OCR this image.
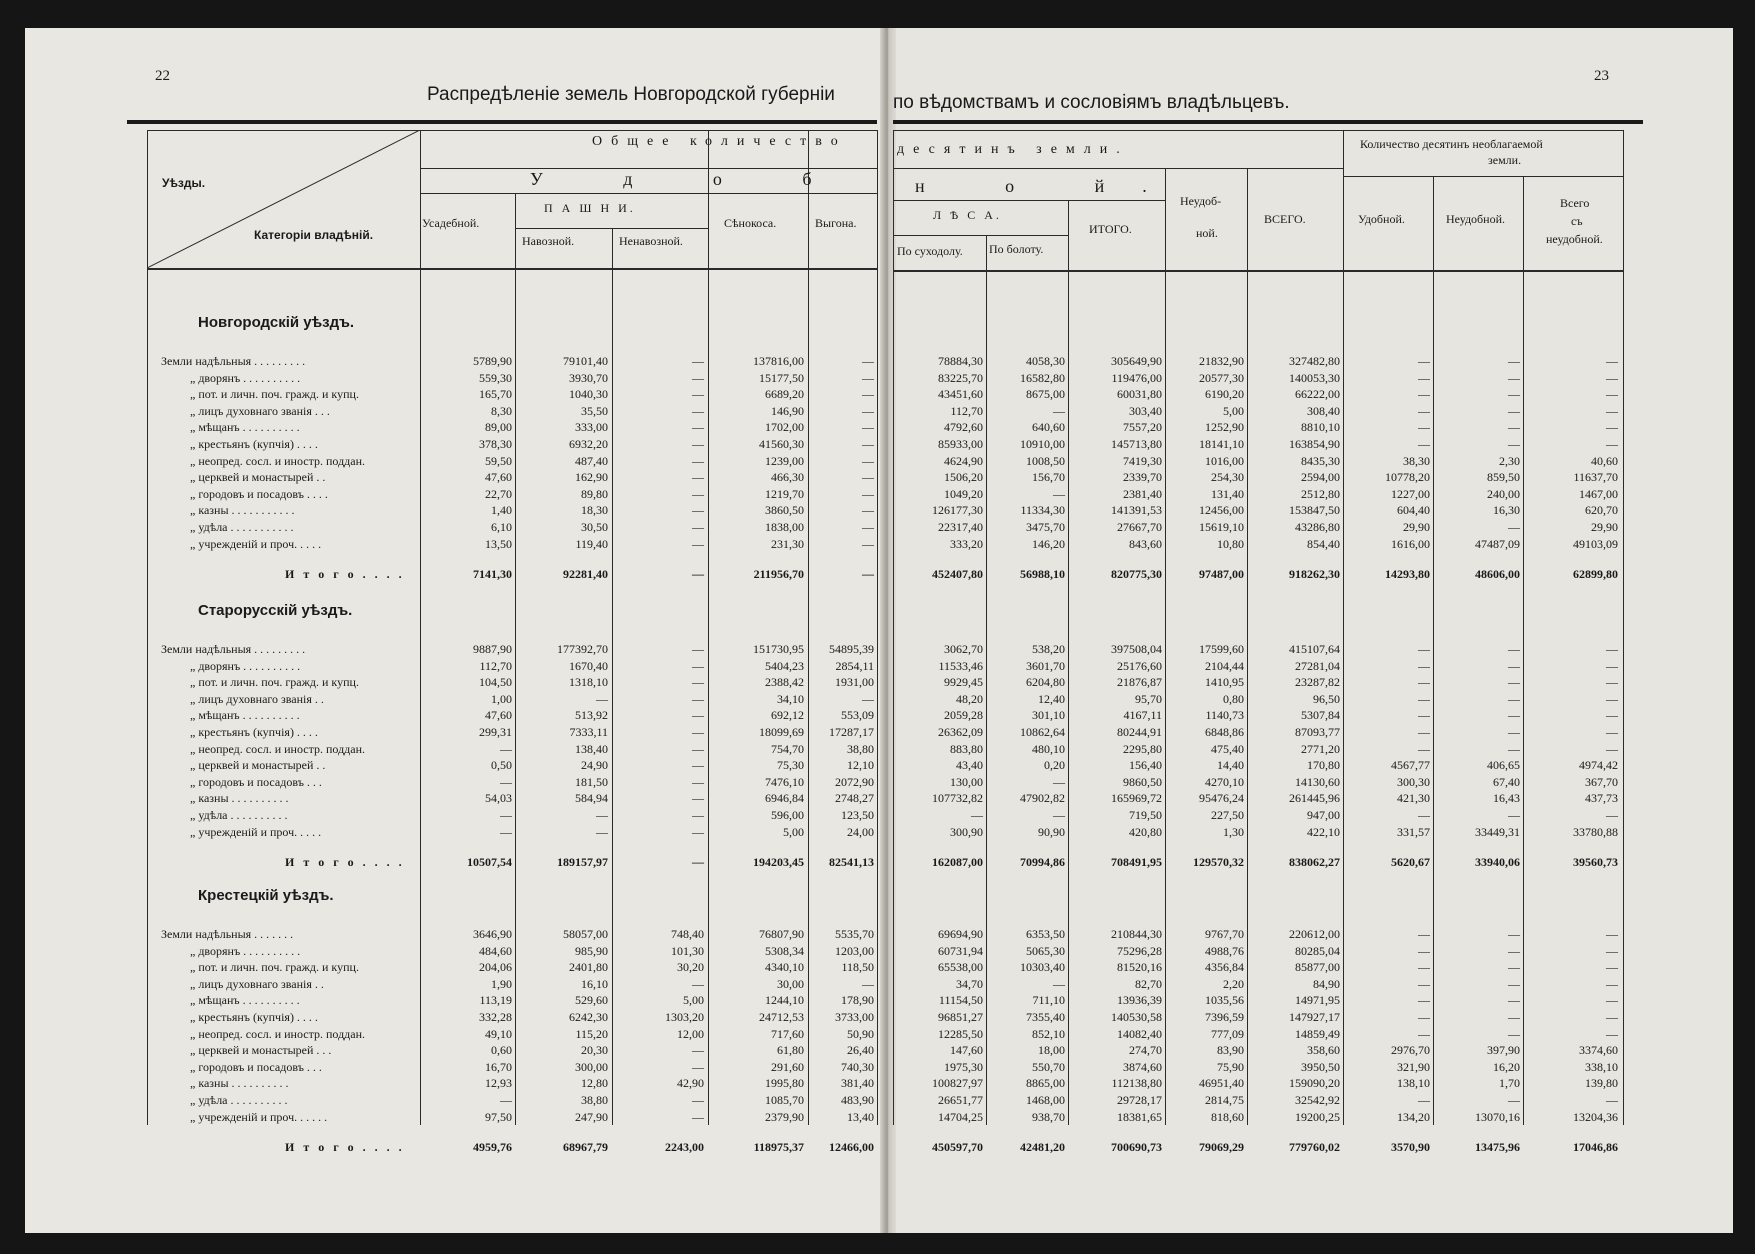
22	23
Распредѣленіе земель Новгородской губерніи	по вѣдомствамъ и сословіямъ владѣльцевъ.
Уѣзды.
Категоріи владѣній.
Общее количество
десятинъ земли.
У д о б	н о й.
Усадебной.
П А Ш Н И.
Навозной.	Ненавозной.
Сѣнокоса.	Выгона.
Л Ѣ С А.
По суходолу. По болоту.
ИТОГО.
Неудоб-
ной.
ВСЕГО.
Количество десятинъ необлагаемой
земли.
Удобной.	Неудобной.
Всего
съ
неудобной.
Новгородскій уѣздъ.
Земли надѣльныя . . . . . . . . .	5789,90	79101,40	—	137816,00	—	78884,30	4058,30	305649,90	21832,90	327482,80	—	—	—
„ дворянъ . . . . . . . . . .	559,30	3930,70	—	15177,50	—	83225,70	16582,80	119476,00	20577,30	140053,30	—	—	—
„ пот. и личн. поч. гражд. и купц.	165,70	1040,30	—	6689,20	—	43451,60	8675,00	60031,80	6190,20	66222,00	—	—	—
„ лицъ духовнаго званія . . .	8,30	35,50	—	146,90	—	112,70	—	303,40	5,00	308,40	—	—	—
„ мѣщанъ . . . . . . . . . .	89,00	333,00	—	1702,00	—	4792,60	640,60	7557,20	1252,90	8810,10	—	—	—
„ крестьянъ (купчія) . . . .	378,30	6932,20	—	41560,30	—	85933,00	10910,00	145713,80	18141,10	163854,90	—	—	—
„ неопред. сосл. и иностр. поддан.	59,50	487,40	—	1239,00	—	4624,90	1008,50	7419,30	1016,00	8435,30	38,30	2,30	40,60
„ церквей и монастырей . .	47,60	162,90	—	466,30	—	1506,20	156,70	2339,70	254,30	2594,00	10778,20	859,50	11637,70
„ городовъ и посадовъ . . . .	22,70	89,80	—	1219,70	—	1049,20	—	2381,40	131,40	2512,80	1227,00	240,00	1467,00
„ казны . . . . . . . . . . .	1,40	18,30	—	3860,50	—	126177,30	11334,30	141391,53	12456,00	153847,50	604,40	16,30	620,70
„ удѣла . . . . . . . . . . .	6,10	30,50	—	1838,00	—	22317,40	3475,70	27667,70	15619,10	43286,80	29,90	—	29,90
„ учрежденій и проч. . . . .	13,50	119,40	—	231,30	—	333,20	146,20	843,60	10,80	854,40	1616,00	47487,09	49103,09
И т о г о . . . .	7141,30	92281,40	—	211956,70	—	452407,80	56988,10	820775,30	97487,00	918262,30	14293,80	48606,00	62899,80
Старорусскій уѣздъ.
Земли надѣльныя . . . . . . . . .	9887,90	177392,70	—	151730,95	54895,39	3062,70	538,20	397508,04	17599,60	415107,64	—	—	—
„ дворянъ . . . . . . . . . .	112,70	1670,40	—	5404,23	2854,11	11533,46	3601,70	25176,60	2104,44	27281,04	—	—	—
„ пот. и личн. поч. гражд. и купц.	104,50	1318,10	—	2388,42	1931,00	9929,45	6204,80	21876,87	1410,95	23287,82	—	—	—
„ лицъ духовнаго званія . .	1,00	—	—	34,10	—	48,20	12,40	95,70	0,80	96,50	—	—	—
„ мѣщанъ . . . . . . . . . .	47,60	513,92	—	692,12	553,09	2059,28	301,10	4167,11	1140,73	5307,84	—	—	—
„ крестьянъ (купчія) . . . .	299,31	7333,11	—	18099,69	17287,17	26362,09	10862,64	80244,91	6848,86	87093,77	—	—	—
„ неопред. сосл. и иностр. поддан.	—	138,40	—	754,70	38,80	883,80	480,10	2295,80	475,40	2771,20	—	—	—
„ церквей и монастырей . .	0,50	24,90	—	75,30	12,10	43,40	0,20	156,40	14,40	170,80	4567,77	406,65	4974,42
„ городовъ и посадовъ . . .	—	181,50	—	7476,10	2072,90	130,00	—	9860,50	4270,10	14130,60	300,30	67,40	367,70
„ казны . . . . . . . . . .	54,03	584,94	—	6946,84	2748,27	107732,82	47902,82	165969,72	95476,24	261445,96	421,30	16,43	437,73
„ удѣла . . . . . . . . . .	—	—	—	596,00	123,50	—	—	719,50	227,50	947,00	—	—	—
„ учрежденій и проч. . . . .	—	—	—	5,00	24,00	300,90	90,90	420,80	1,30	422,10	331,57	33449,31	33780,88
И т о г о . . . .	10507,54	189157,97	—	194203,45	82541,13	162087,00	70994,86	708491,95	129570,32	838062,27	5620,67	33940,06	39560,73
Крестецкій уѣздъ.
Земли надѣльныя . . . . . . .	3646,90	58057,00	748,40	76807,90	5535,70	69694,90	6353,50	210844,30	9767,70	220612,00	—	—	—
„ дворянъ . . . . . . . . . .	484,60	985,90	101,30	5308,34	1203,00	60731,94	5065,30	75296,28	4988,76	80285,04	—	—	—
„ пот. и личн. поч. гражд. и купц.	204,06	2401,80	30,20	4340,10	118,50	65538,00	10303,40	81520,16	4356,84	85877,00	—	—	—
„ лицъ духовнаго званія . .	1,90	16,10	—	30,00	—	34,70	—	82,70	2,20	84,90	—	—	—
„ мѣщанъ . . . . . . . . . .	113,19	529,60	5,00	1244,10	178,90	11154,50	711,10	13936,39	1035,56	14971,95	—	—	—
„ крестьянъ (купчія) . . . .	332,28	6242,30	1303,20	24712,53	3733,00	96851,27	7355,40	140530,58	7396,59	147927,17	—	—	—
„ неопред. сосл. и иностр. поддан.	49,10	115,20	12,00	717,60	50,90	12285,50	852,10	14082,40	777,09	14859,49	—	—	—
„ церквей и монастырей . . .	0,60	20,30	—	61,80	26,40	147,60	18,00	274,70	83,90	358,60	2976,70	397,90	3374,60
„ городовъ и посадовъ . . .	16,70	300,00	—	291,60	740,30	1975,30	550,70	3874,60	75,90	3950,50	321,90	16,20	338,10
„ казны . . . . . . . . . .	12,93	12,80	42,90	1995,80	381,40	100827,97	8865,00	112138,80	46951,40	159090,20	138,10	1,70	139,80
„ удѣла . . . . . . . . . .	—	38,80	—	1085,70	483,90	26651,77	1468,00	29728,17	2814,75	32542,92	—	—	—
„ учрежденій и проч. . . . . .	97,50	247,90	—	2379,90	13,40	14704,25	938,70	18381,65	818,60	19200,25	134,20	13070,16	13204,36
И т о г о . . . .	4959,76	68967,79	2243,00	118975,37	12466,00	450597,70	42481,20	700690,73	79069,29	779760,02	3570,90	13475,96	17046,86
